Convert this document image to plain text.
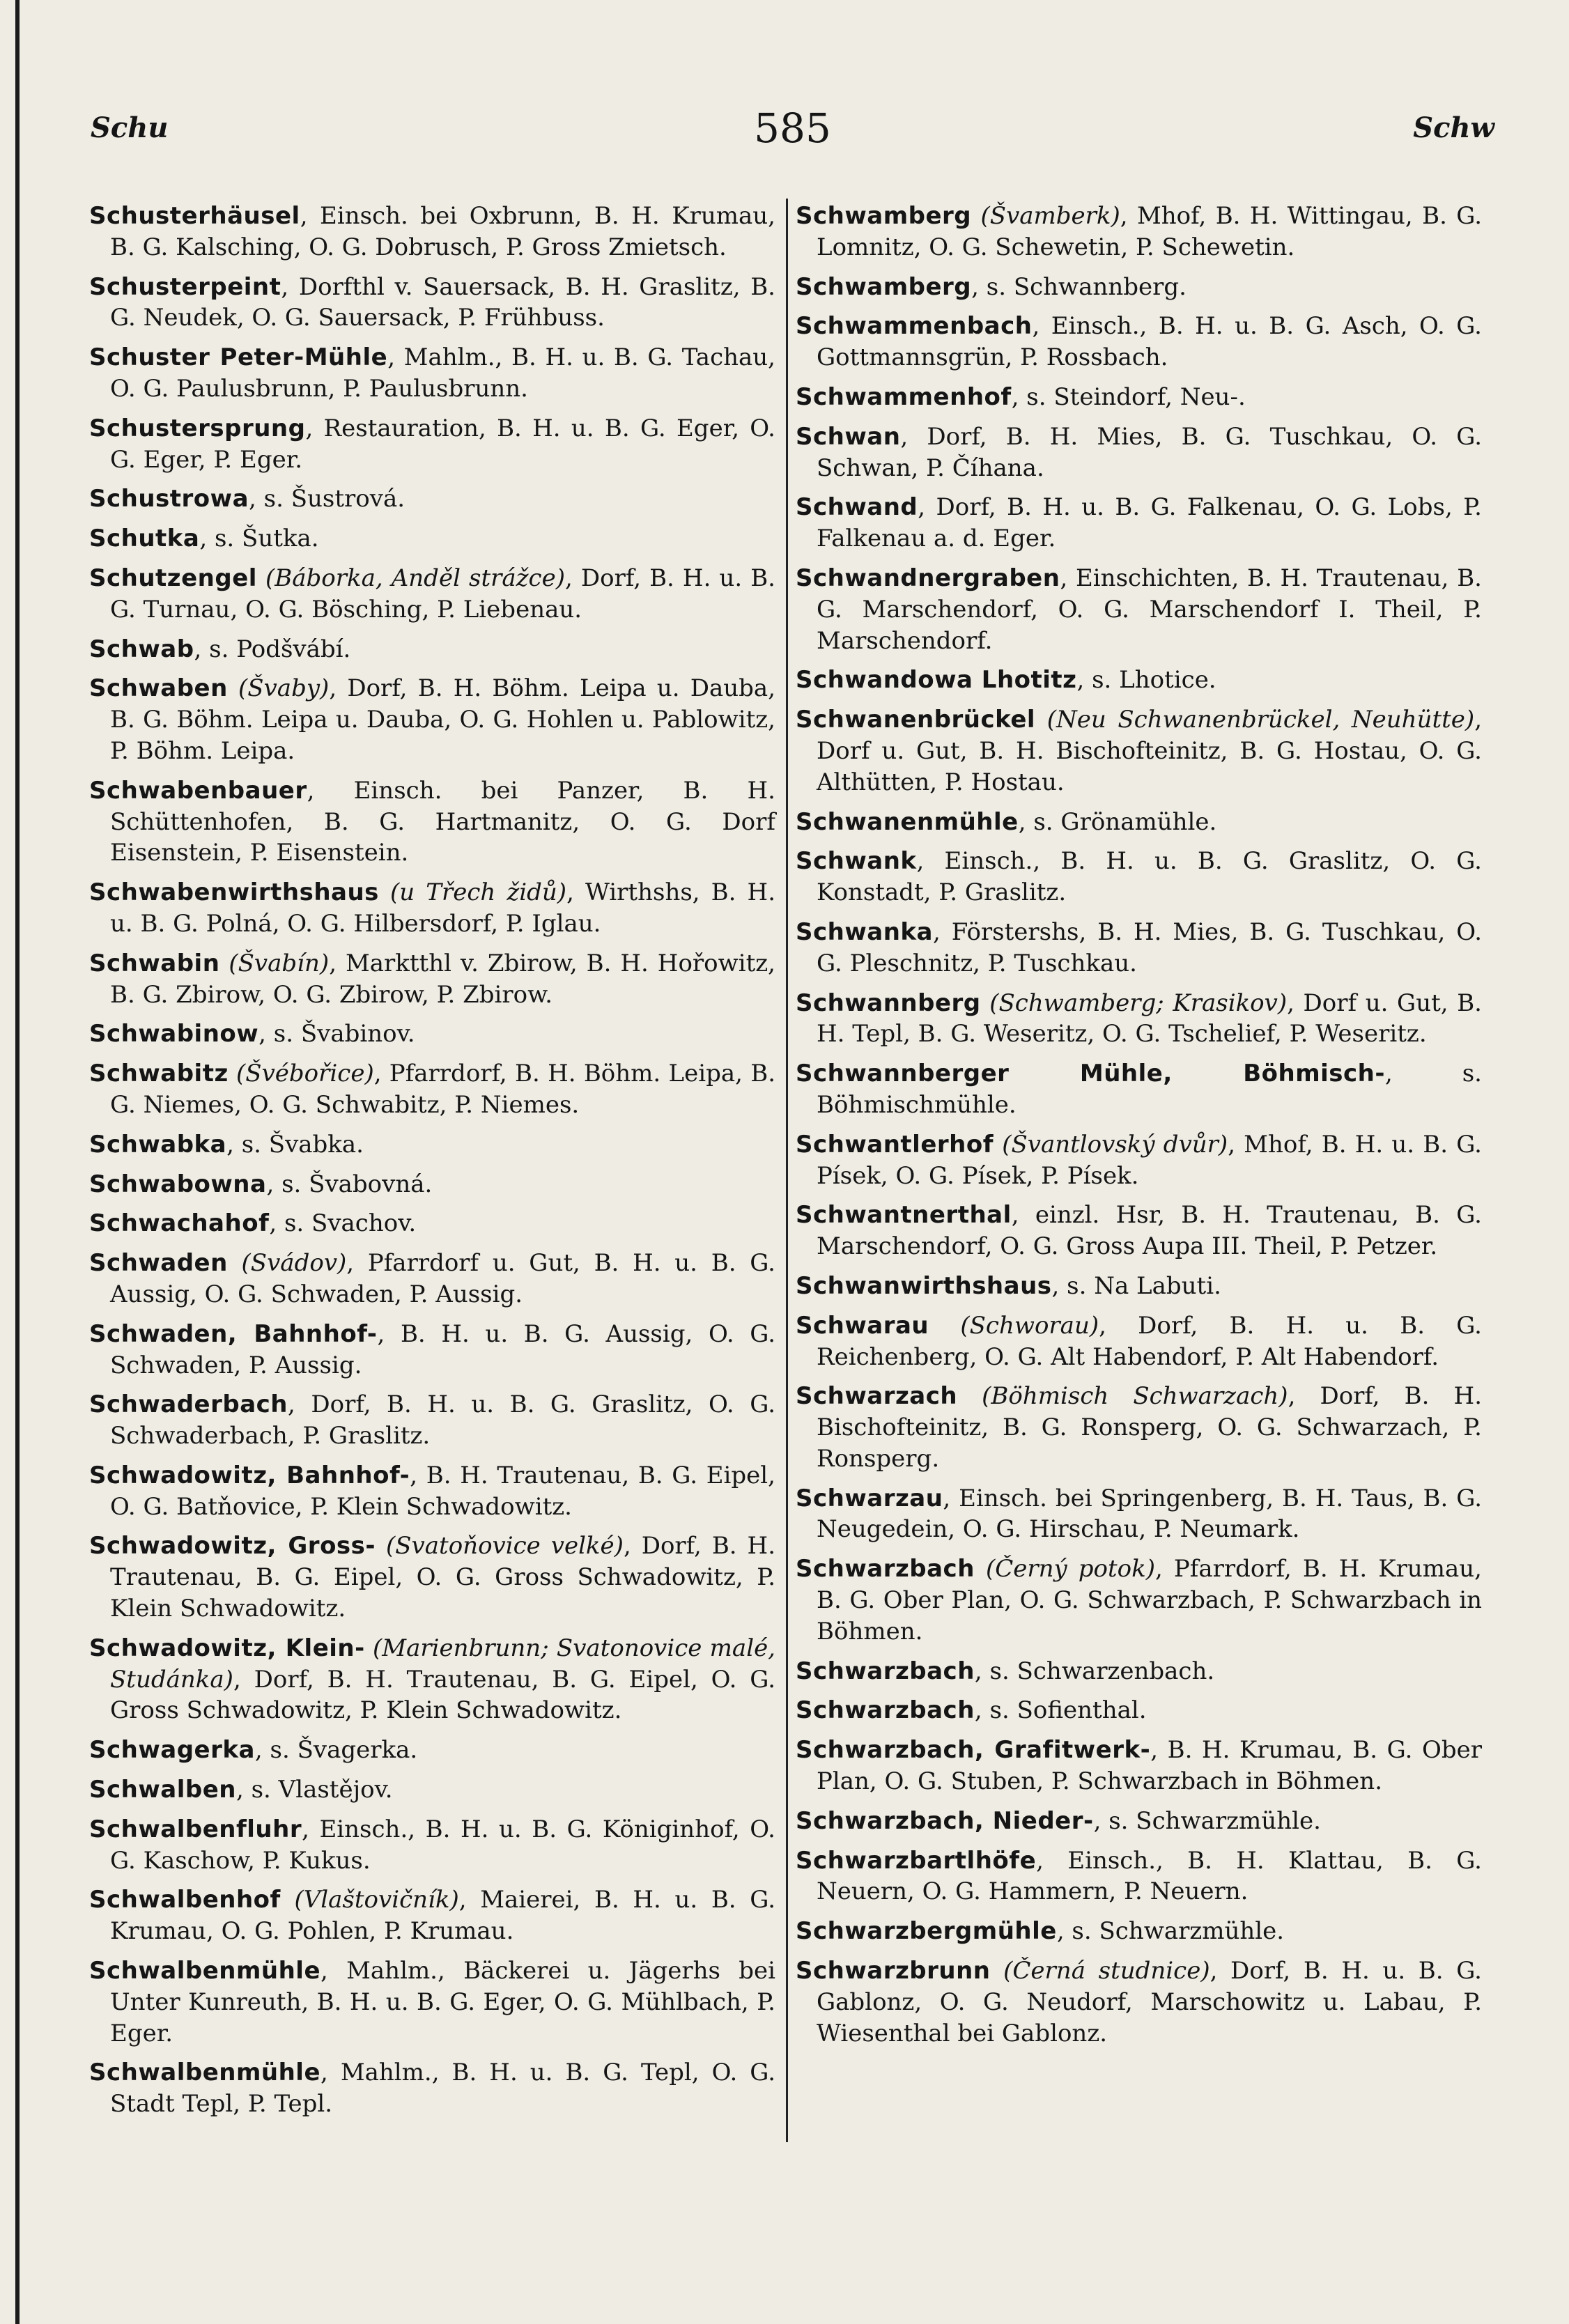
Schu	585	Schw

Schusterhäusel, Einsch. bei Oxbrunn, B. H. Krumau, B. G. Kalsching, O. G. Dobrusch, P. Gross Zmietsch.

Schusterpeint, Dorfthl v. Sauersack, B. H. Graslitz, B. G. Neudek, O. G. Sauersack, P. Frühbuss.

Schuster Peter-Mühle, Mahlm., B. H. u. B. G. Tachau, O. G. Paulusbrunn, P. Paulusbrunn.

Schustersprung, Restauration, B. H. u. B. G. Eger, O. G. Eger, P. Eger.

Schustrowa, s. Šustrová.

Schutka, s. Šutka.

Schutzengel (Báborka, Anděl strážce), Dorf, B. H. u. B. G. Turnau, O. G. Bösching, P. Liebenau.

Schwab, s. Podšvábí.

Schwaben (Švaby), Dorf, B. H. Böhm. Leipa u. Dauba, B. G. Böhm. Leipa u. Dauba, O. G. Hohlen u. Pablowitz, P. Böhm. Leipa.

Schwabenbauer, Einsch. bei Panzer, B. H. Schüttenhofen, B. G. Hartmanitz, O. G. Dorf Eisenstein, P. Eisenstein.

Schwabenwirthshaus (u Třech židů), Wirthshs, B. H. u. B. G. Polná, O. G. Hilbersdorf, P. Iglau.

Schwabin (Švabín), Marktthl v. Zbirow, B. H. Hořowitz, B. G. Zbirow, O. G. Zbirow, P. Zbirow.

Schwabinow, s. Švabinov.

Schwabitz (Švébořice), Pfarrdorf, B. H. Böhm. Leipa, B. G. Niemes, O. G. Schwabitz, P. Niemes.

Schwabka, s. Švabka.

Schwabowna, s. Švabovná.

Schwachahof, s. Svachov.

Schwaden (Svádov), Pfarrdorf u. Gut, B. H. u. B. G. Aussig, O. G. Schwaden, P. Aussig.

Schwaden, Bahnhof-, B. H. u. B. G. Aussig, O. G. Schwaden, P. Aussig.

Schwaderbach, Dorf, B. H. u. B. G. Graslitz, O. G. Schwaderbach, P. Graslitz.

Schwadowitz, Bahnhof-, B. H. Trautenau, B. G. Eipel, O. G. Batňovice, P. Klein Schwadowitz.

Schwadowitz, Gross- (Svatoňovice velké), Dorf, B. H. Trautenau, B. G. Eipel, O. G. Gross Schwadowitz, P. Klein Schwadowitz.

Schwadowitz, Klein- (Marienbrunn; Svatonovice malé, Studánka), Dorf, B. H. Trautenau, B. G. Eipel, O. G. Gross Schwadowitz, P. Klein Schwadowitz.

Schwagerka, s. Švagerka.

Schwalben, s. Vlastějov.

Schwalbenfluhr, Einsch., B. H. u. B. G. Königinhof, O. G. Kaschow, P. Kukus.

Schwalbenhof (Vlaštovičník), Maierei, B. H. u. B. G. Krumau, O. G. Pohlen, P. Krumau.

Schwalbenmühle, Mahlm., Bäckerei u. Jägerhs bei Unter Kunreuth, B. H. u. B. G. Eger, O. G. Mühlbach, P. Eger.

Schwalbenmühle, Mahlm., B. H. u. B. G. Tepl, O. G. Stadt Tepl, P. Tepl.

Schwamberg (Švamberk), Mhof, B. H. Wittingau, B. G. Lomnitz, O. G. Schewetin, P. Schewetin.

Schwamberg, s. Schwannberg.

Schwammenbach, Einsch., B. H. u. B. G. Asch, O. G. Gottmannsgrün, P. Rossbach.

Schwammenhof, s. Steindorf, Neu-.

Schwan, Dorf, B. H. Mies, B. G. Tuschkau, O. G. Schwan, P. Číhana.

Schwand, Dorf, B. H. u. B. G. Falkenau, O. G. Lobs, P. Falkenau a. d. Eger.

Schwandnergraben, Einschichten, B. H. Trautenau, B. G. Marschendorf, O. G. Marschendorf I. Theil, P. Marschendorf.

Schwandowa Lhotitz, s. Lhotice.

Schwanenbrückel (Neu Schwanenbrückel, Neuhütte), Dorf u. Gut, B. H. Bischofteinitz, B. G. Hostau, O. G. Althütten, P. Hostau.

Schwanenmühle, s. Grönamühle.

Schwank, Einsch., B. H. u. B. G. Graslitz, O. G. Konstadt, P. Graslitz.

Schwanka, Förstershs, B. H. Mies, B. G. Tuschkau, O. G. Pleschnitz, P. Tuschkau.

Schwannberg (Schwamberg; Krasikov), Dorf u. Gut, B. H. Tepl, B. G. Weseritz, O. G. Tschelief, P. Weseritz.

Schwannberger Mühle, Böhmisch-, s. Böhmischmühle.

Schwantlerhof (Švantlovský dvůr), Mhof, B. H. u. B. G. Písek, O. G. Písek, P. Písek.

Schwantnerthal, einzl. Hsr, B. H. Trautenau, B. G. Marschendorf, O. G. Gross Aupa III. Theil, P. Petzer.

Schwanwirthshaus, s. Na Labuti.

Schwarau (Schworau), Dorf, B. H. u. B. G. Reichenberg, O. G. Alt Habendorf, P. Alt Habendorf.

Schwarzach (Böhmisch Schwarzach), Dorf, B. H. Bischofteinitz, B. G. Ronsperg, O. G. Schwarzach, P. Ronsperg.

Schwarzau, Einsch. bei Springenberg, B. H. Taus, B. G. Neugedein, O. G. Hirschau, P. Neumark.

Schwarzbach (Černý potok), Pfarrdorf, B. H. Krumau, B. G. Ober Plan, O. G. Schwarzbach, P. Schwarzbach in Böhmen.

Schwarzbach, s. Schwarzenbach.

Schwarzbach, s. Sofienthal.

Schwarzbach, Grafitwerk-, B. H. Krumau, B. G. Ober Plan, O. G. Stuben, P. Schwarzbach in Böhmen.

Schwarzbach, Nieder-, s. Schwarzmühle.

Schwarzbartlhöfe, Einsch., B. H. Klattau, B. G. Neuern, O. G. Hammern, P. Neuern.

Schwarzbergmühle, s. Schwarzmühle.

Schwarzbrunn (Černá studnice), Dorf, B. H. u. B. G. Gablonz, O. G. Neudorf, Marschowitz u. Labau, P. Wiesenthal bei Gablonz.
